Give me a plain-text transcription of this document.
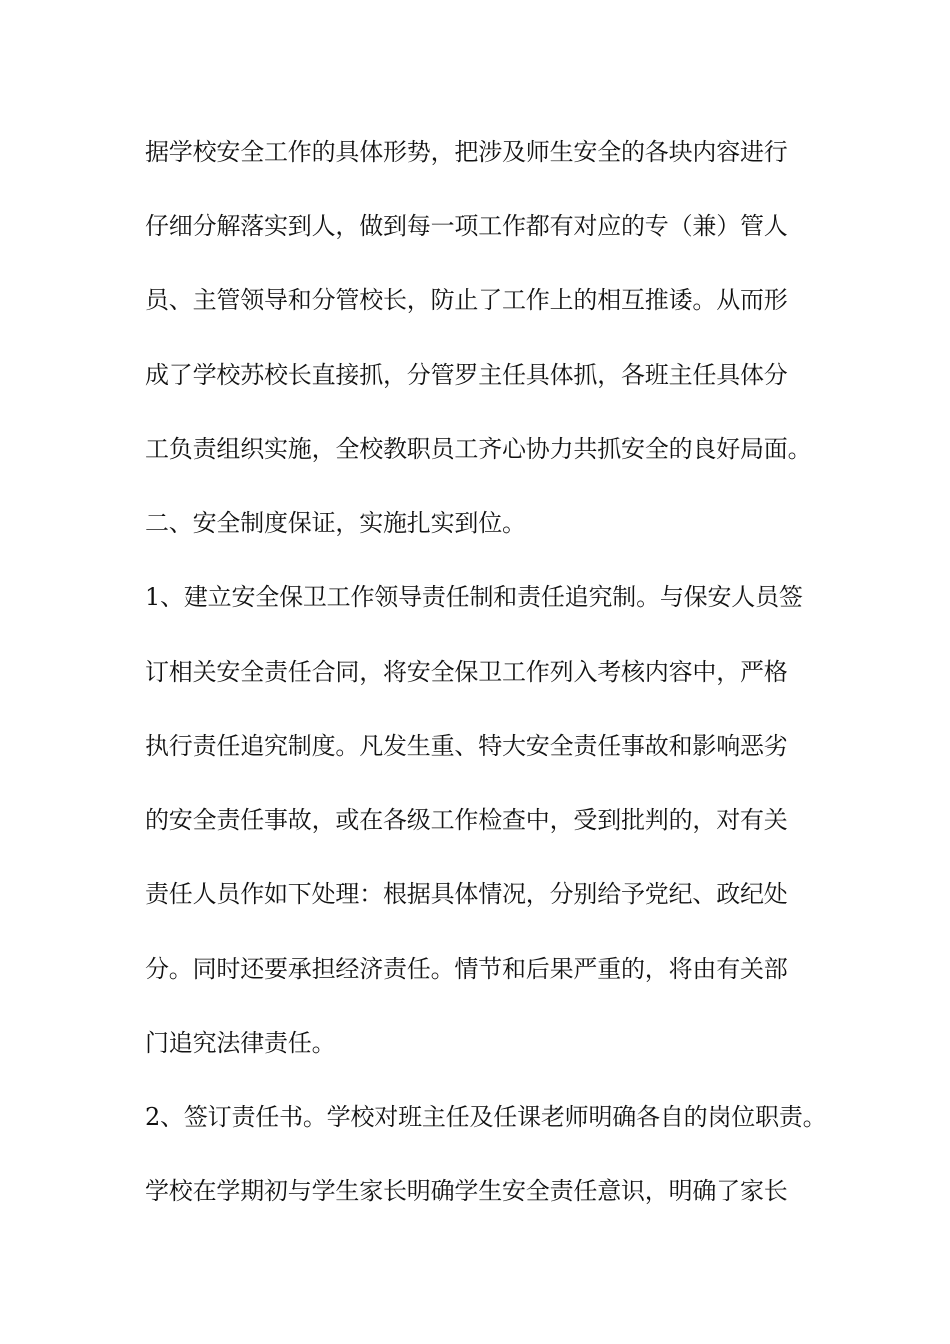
据学校安全工作的具体形势，把涉及师生安全的各块内容进行
仔细分解落实到人，做到每一项工作都有对应的专（兼）管人
员、主管领导和分管校长，防止了工作上的相互推诿。从而形
成了学校苏校长直接抓，分管罗主任具体抓，各班主任具体分
工负责组织实施，全校教职员工齐心协力共抓安全的良好局面。
二、安全制度保证，实施扎实到位。
1、建立安全保卫工作领导责任制和责任追究制。与保安人员签
订相关安全责任合同，将安全保卫工作列入考核内容中，严格
执行责任追究制度。凡发生重、特大安全责任事故和影响恶劣
的安全责任事故，或在各级工作检查中，受到批判的，对有关
责任人员作如下处理：根据具体情况，分别给予党纪、政纪处
分。同时还要承担经济责任。情节和后果严重的，将由有关部
门追究法律责任。
2、签订责任书。学校对班主任及任课老师明确各自的岗位职责。
学校在学期初与学生家长明确学生安全责任意识，明确了家长
